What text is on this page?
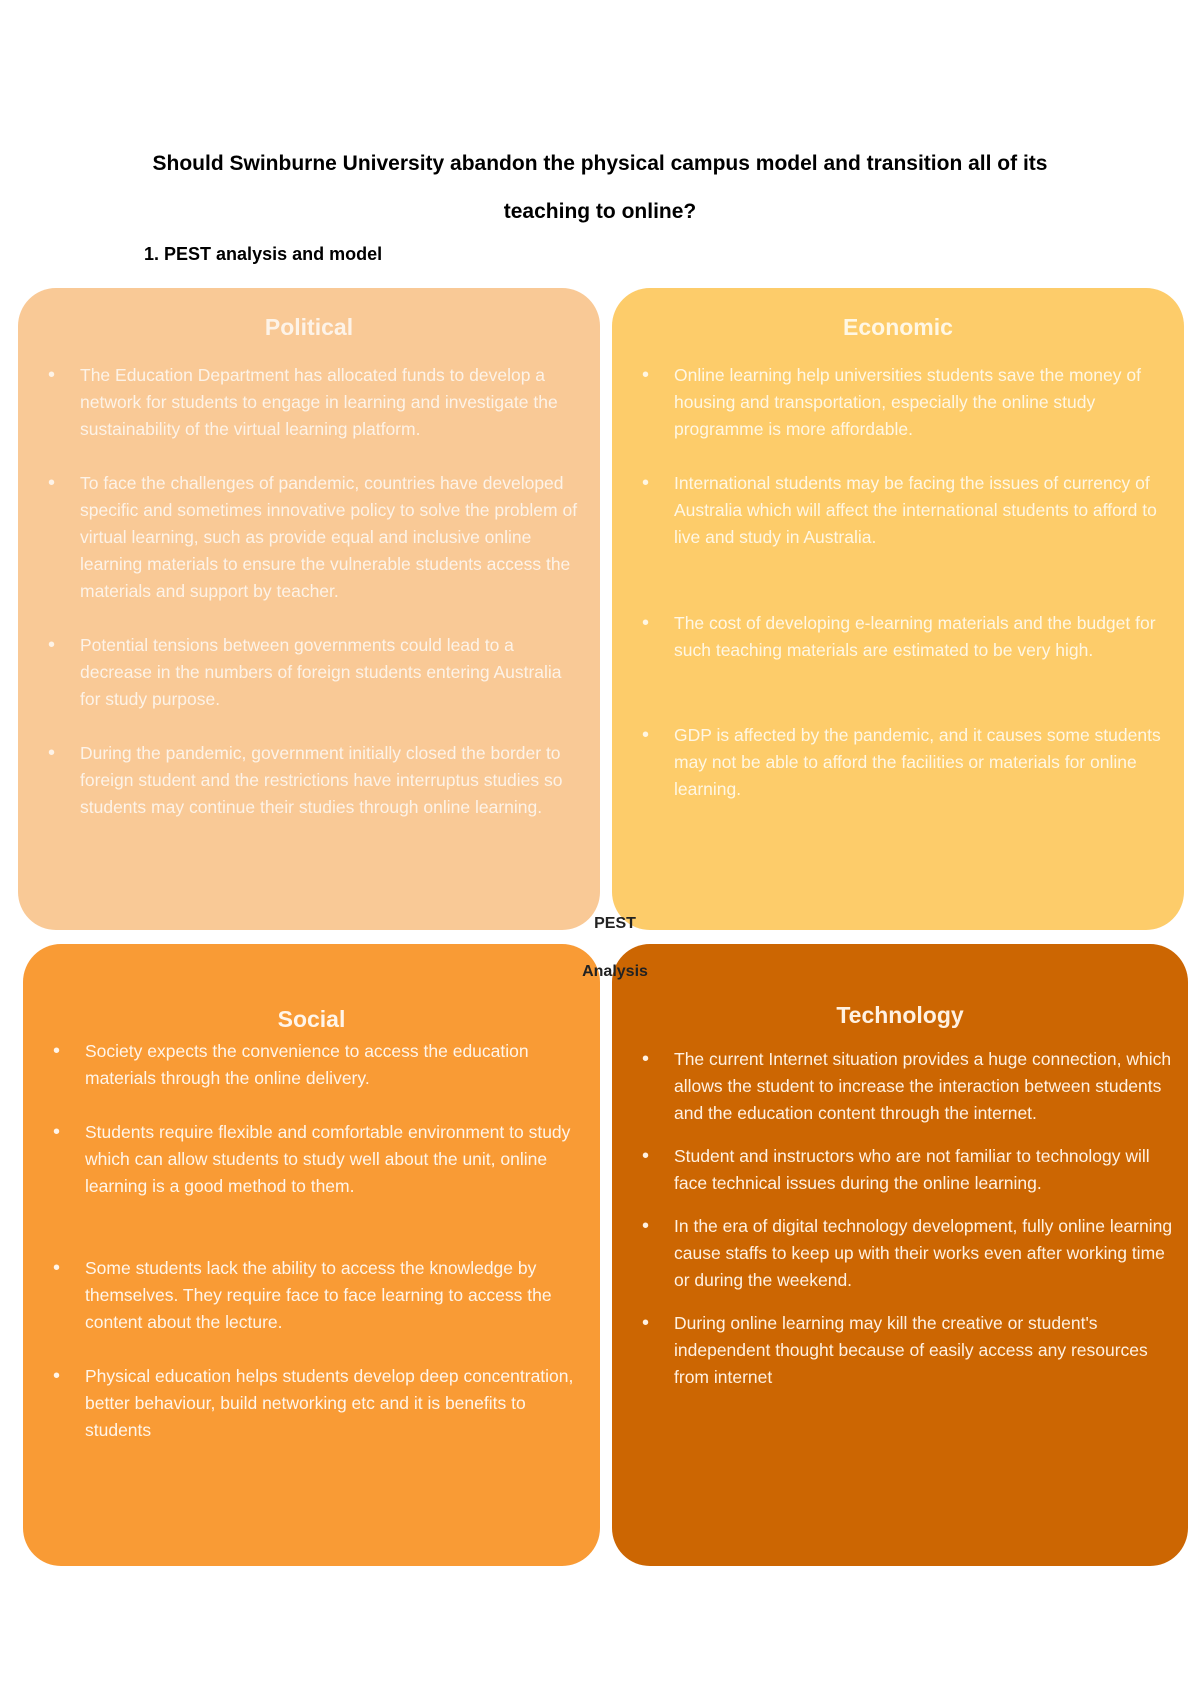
Should Swinburne University abandon the physical campus model and transition all of its
teaching to online?
1. PEST analysis and model
Political
• The Education Department has allocated funds to develop a network for students to engage in learning and investigate the sustainability of the virtual learning platform.
• To face the challenges of pandemic, countries have developed specific and sometimes innovative policy to solve the problem of virtual learning, such as provide equal and inclusive online learning materials to ensure the vulnerable students access the materials and support by teacher.
• Potential tensions between governments could lead to a decrease in the numbers of foreign students entering Australia for study purpose.
• During the pandemic, government initially closed the border to foreign student and the restrictions have interruptus studies so students may continue their studies through online learning.
Economic
• Online learning help universities students save the money of housing and transportation, especially the online study programme is more affordable.
• International students may be facing the issues of currency of Australia which will affect the international students to afford to live and study in Australia.
• The cost of developing e-learning materials and the budget for such teaching materials are estimated to be very high.
• GDP is affected by the pandemic, and it causes some students may not be able to afford the facilities or materials for online learning.
Social
• Society expects the convenience to access the education materials through the online delivery.
• Students require flexible and comfortable environment to study which can allow students to study well about the unit, online learning is a good method to them.
• Some students lack the ability to access the knowledge by themselves. They require face to face learning to access the content about the lecture.
• Physical education helps students develop deep concentration, better behaviour, build networking etc and it is benefits to students
Technology
• The current Internet situation provides a huge connection, which allows the student to increase the interaction between students and the education content through the internet.
• Student and instructors who are not familiar to technology will face technical issues during the online learning.
• In the era of digital technology development, fully online learning cause staffs to keep up with their works even after working time or during the weekend.
• During online learning may kill the creative or student's independent thought because of easily access any resources from internet
PEST
Analysis
